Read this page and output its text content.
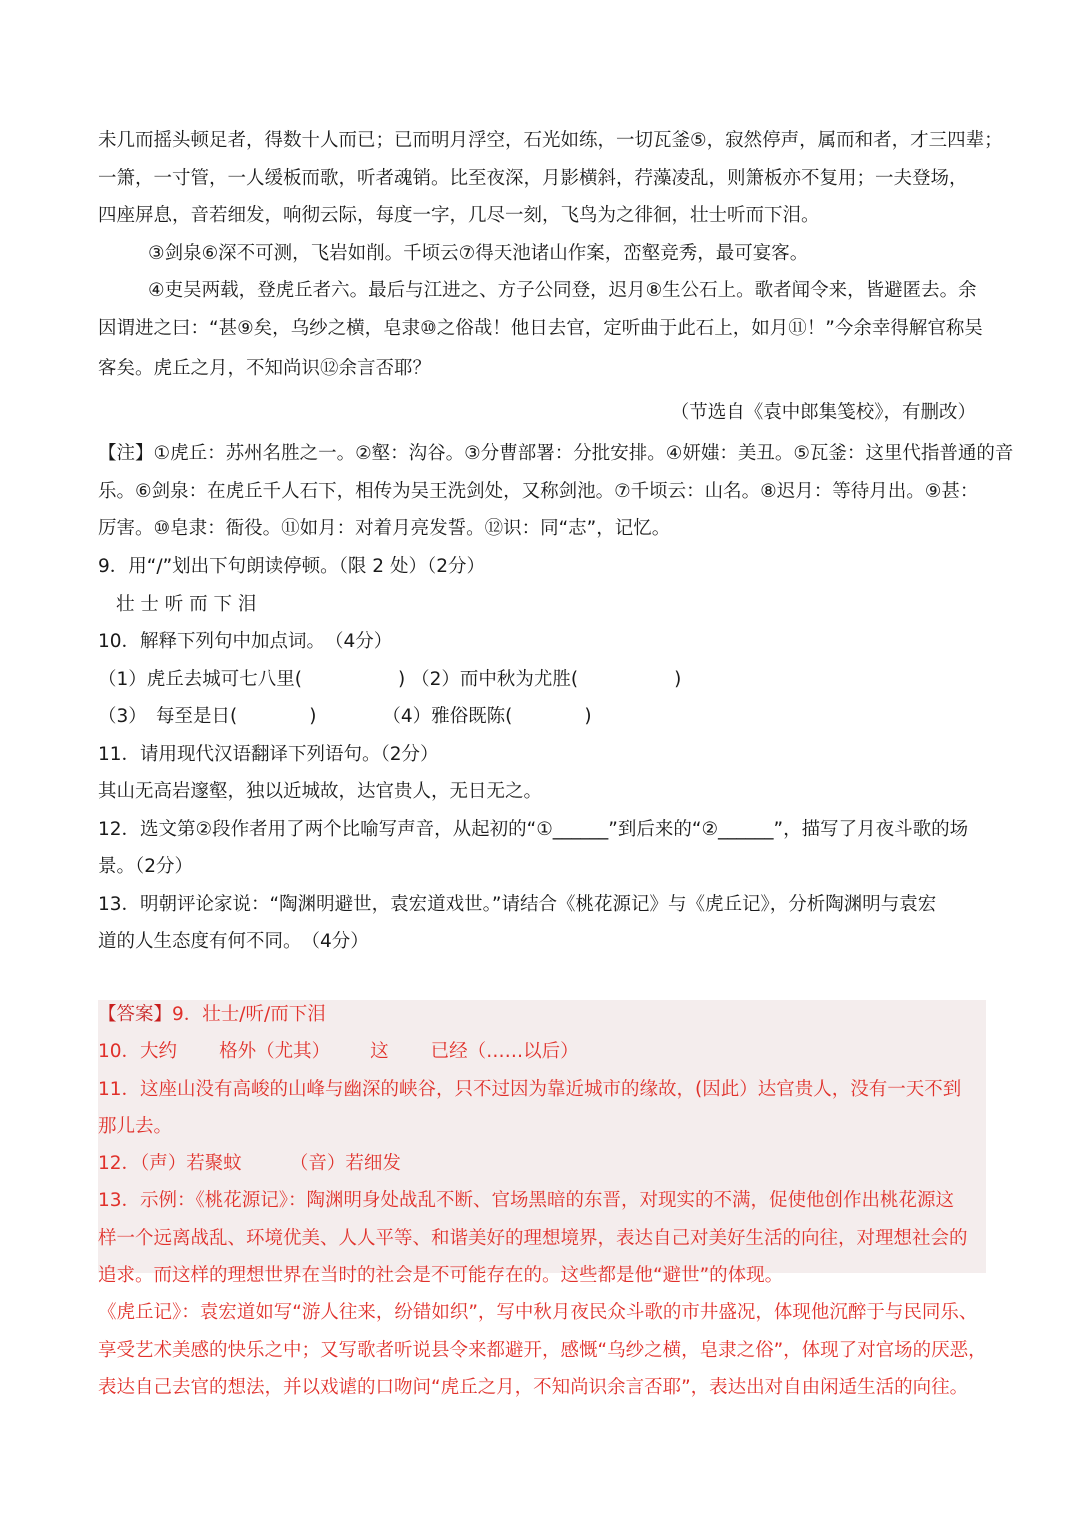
未几而摇头顿足者，得数十人而已；已而明月浮空，石光如练，一切瓦釜⑤，寂然停声，属而和者，才三四辈；
一箫，一寸管，一人缓板而歌，听者魂销。比至夜深，月影横斜，荇藻凌乱，则箫板亦不复用；一夫登场，
四座屏息，音若细发，响彻云际，每度一字，几尽一刻，飞鸟为之徘徊，壮士听而下泪。
③剑泉⑥深不可测，飞岩如削。千顷云⑦得天池诸山作案，峦壑竞秀，最可宴客。
④吏吴两载，登虎丘者六。最后与江进之、方子公同登，迟月⑧生公石上。歌者闻令来，皆避匿去。余
因谓进之曰：“甚⑨矣，乌纱之横，皂隶⑩之俗哉！他日去官，定听曲于此石上，如月⑪！”今余幸得解官称吴
客矣。虎丘之月，不知尚识⑫余言否耶？
（节选自《袁中郎集笺校》，有删改）
【注】①虎丘：苏州名胜之一。②壑：沟谷。③分曹部署：分批安排。④妍媸：美丑。⑤瓦釜：这里代指普通的音
乐。⑥剑泉：在虎丘千人石下，相传为吴王洗剑处，又称剑池。⑦千顷云：山名。⑧迟月：等待月出。⑨甚：
厉害。⑩皂隶：衙役。⑪如月：对着月亮发誓。⑫识：同“志”，记忆。
9．用“/”划出下句朗读停顿。（限 2 处）（2分）
壮 士 听 而 下 泪
10．解释下列句中加点词。　（4分）
（1）虎丘去城可七八里(	) （2）而中秋为尤胜(	)
（3）　每至是日(	)	（4）雅俗既陈(	)
11．请用现代汉语翻译下列语句。（2分）
其山无高岩邃壑，独以近城故，达官贵人，无日无之。
12．选文第②段作者用了两个比喻写声音，从起初的“①______”到后来的“②______”，描写了月夜斗歌的场
景。（2分）
13．明朝评论家说：“陶渊明避世，袁宏道戏世。”请结合《桃花源记》与《虎丘记》，分析陶渊明与袁宏
道的人生态度有何不同。　（4分）
【答案】9．壮士/听/而下泪
10．大约 格外（尤其） 这 已经（……以后）
11．这座山没有高峻的山峰与幽深的峡谷，只不过因为靠近城市的缘故，(因此）达官贵人，没有一天不到
那儿去。
12．（声）若聚蚊	（音）若细发
13．示例：《桃花源记》：陶渊明身处战乱不断、官场黑暗的东晋，对现实的不满，促使他创作出桃花源这
样一个远离战乱、环境优美、人人平等、和谐美好的理想境界，表达自己对美好生活的向往，对理想社会的
追求。而这样的理想世界在当时的社会是不可能存在的。这些都是他“避世”的体现。
《虎丘记》：袁宏道如写“游人往来，纷错如织”，写中秋月夜民众斗歌的市井盛况，体现他沉醉于与民同乐、
享受艺术美感的快乐之中；又写歌者听说县令来都避开，感慨“乌纱之横，皂隶之俗”，体现了对官场的厌恶，
表达自己去官的想法，并以戏谑的口吻问“虎丘之月，不知尚识余言否耶”，表达出对自由闲适生活的向往。
